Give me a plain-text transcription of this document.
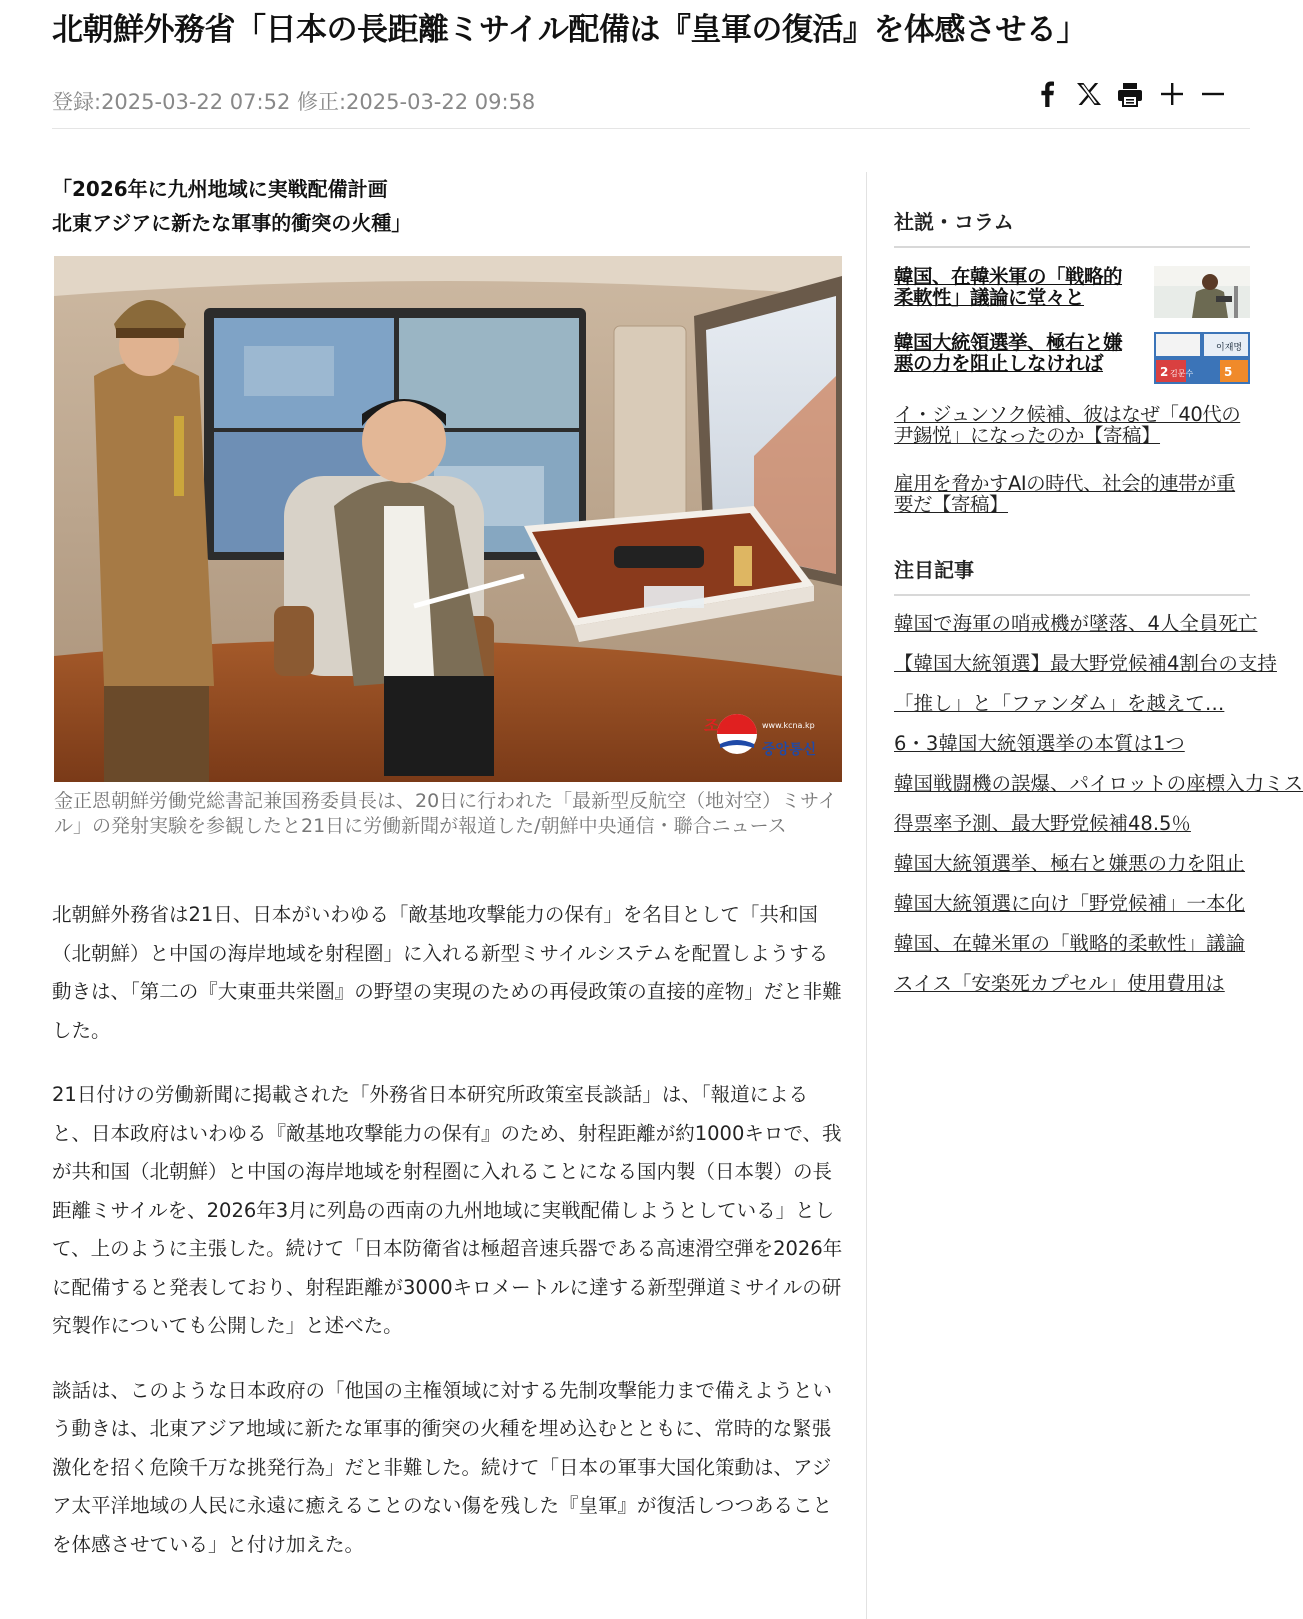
北朝鮮外務省「日本の長距離ミサイル配備は『皇軍の復活』を体感させる」
登録:2025-03-22 07:52 修正:2025-03-22 09:58
「2026年に九州地域に実戦配備計画
北東アジアに新たな軍事的衝突の火種」
조 선
중앙통신
www.kcna.kp
金正恩朝鮮労働党総書記兼国務委員長は、20日に行われた「最新型反航空（地対空）ミサイル」の発射実験を参観したと21日に労働新聞が報道した/朝鮮中央通信・聯合ニュース

北朝鮮外務省は21日、日本がいわゆる「敵基地攻撃能力の保有」を名目として「共和国（北朝鮮）と中国の海岸地域を射程圏」に入れる新型ミサイルシステムを配置しようする動きは、「第二の『大東亜共栄圏』の野望の実現のための再侵政策の直接的産物」だと非難した。

21日付けの労働新聞に掲載された「外務省日本研究所政策室長談話」は、「報道によると、日本政府はいわゆる『敵基地攻撃能力の保有』のため、射程距離が約1000キロで、我が共和国（北朝鮮）と中国の海岸地域を射程圏に入れることになる国内製（日本製）の長距離ミサイルを、2026年3月に列島の西南の九州地域に実戦配備しようとしている」として、上のように主張した。続けて「日本防衛省は極超音速兵器である高速滑空弾を2026年に配備すると発表しており、射程距離が3000キロメートルに達する新型弾道ミサイルの研究製作についても公開した」と述べた。

談話は、このような日本政府の「他国の主権領域に対する先制攻撃能力まで備えようという動きは、北東アジア地域に新たな軍事的衝突の火種を埋め込むとともに、常時的な緊張激化を招く危険千万な挑発行為」だと非難した。続けて「日本の軍事大国化策動は、アジア太平洋地域の人民に永遠に癒えることのない傷を残した『皇軍』が復活しつつあることを体感させている」と付け加えた。

社説・コラム
韓国、在韓米軍の「戦略的柔軟性」議論に堂々と
韓国大統領選挙、極右と嫌悪の力を阻止しなければ
이재명
2 김문수	5
イ・ジュンソク候補、彼はなぜ「40代の尹錫悦」になったのか【寄稿】
雇用を脅かすAIの時代、社会的連帯が重要だ【寄稿】
注目記事
韓国で海軍の哨戒機が墜落、4人全員死亡
【韓国大統領選】最大野党候補4割台の支持
「推し」と「ファンダム」を越えて…
6・3韓国大統領選挙の本質は1つ
韓国戦闘機の誤爆、パイロットの座標入力ミス
得票率予測、最大野党候補48.5％
韓国大統領選挙、極右と嫌悪の力を阻止
韓国大統領選に向け「野党候補」一本化
韓国、在韓米軍の「戦略的柔軟性」議論
スイス「安楽死カプセル」使用費用は
